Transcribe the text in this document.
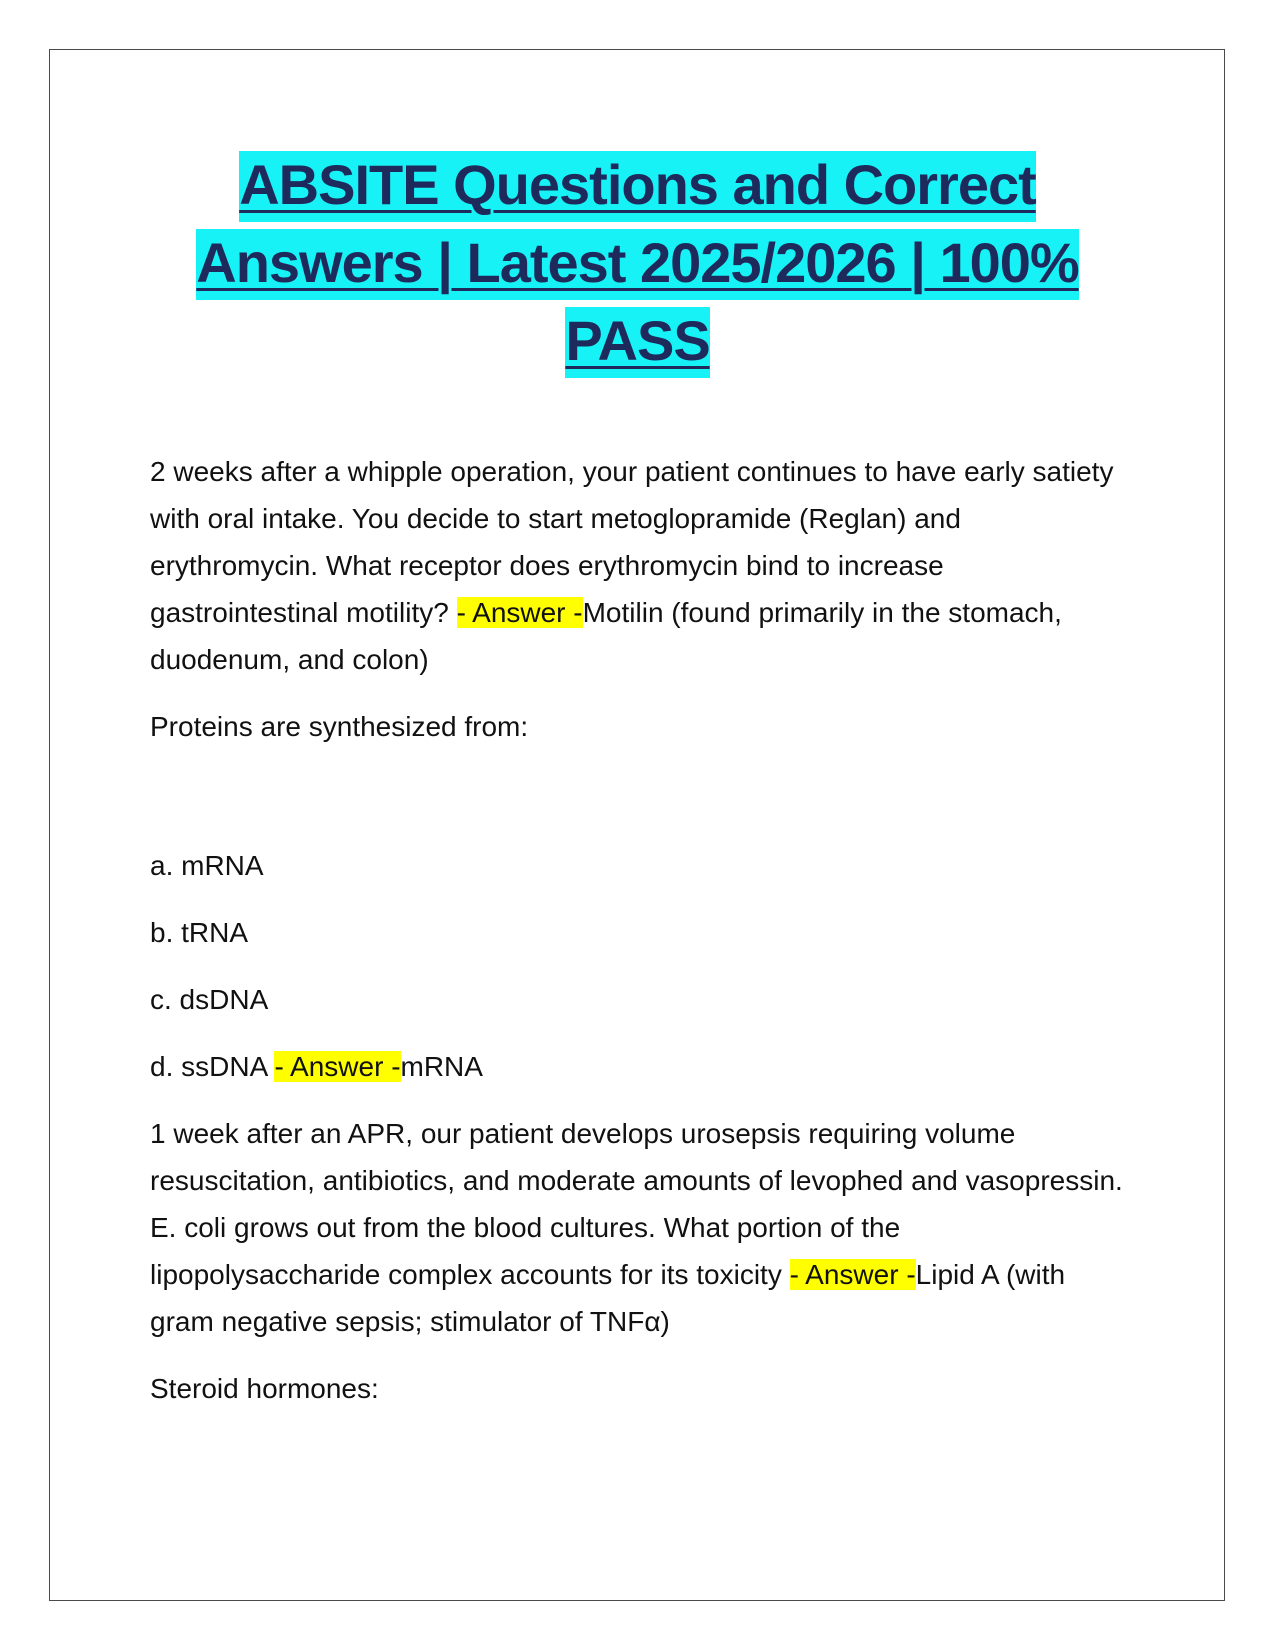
ABSITE Questions and Correct
Answers | Latest 2025/2026 | 100%
PASS

2 weeks after a whipple operation, your patient continues to have early satiety with oral intake. You decide to start metoglopramide (Reglan) and erythromycin. What receptor does erythromycin bind to increase gastrointestinal motility? - Answer -Motilin (found primarily in the stomach, duodenum, and colon)

Proteins are synthesized from:

a. mRNA

b. tRNA

c. dsDNA

d. ssDNA - Answer -mRNA

1 week after an APR, our patient develops urosepsis requiring volume resuscitation, antibiotics, and moderate amounts of levophed and vasopressin. E. coli grows out from the blood cultures. What portion of the lipopolysaccharide complex accounts for its toxicity - Answer -Lipid A (with gram negative sepsis; stimulator of TNFα)

Steroid hormones:
